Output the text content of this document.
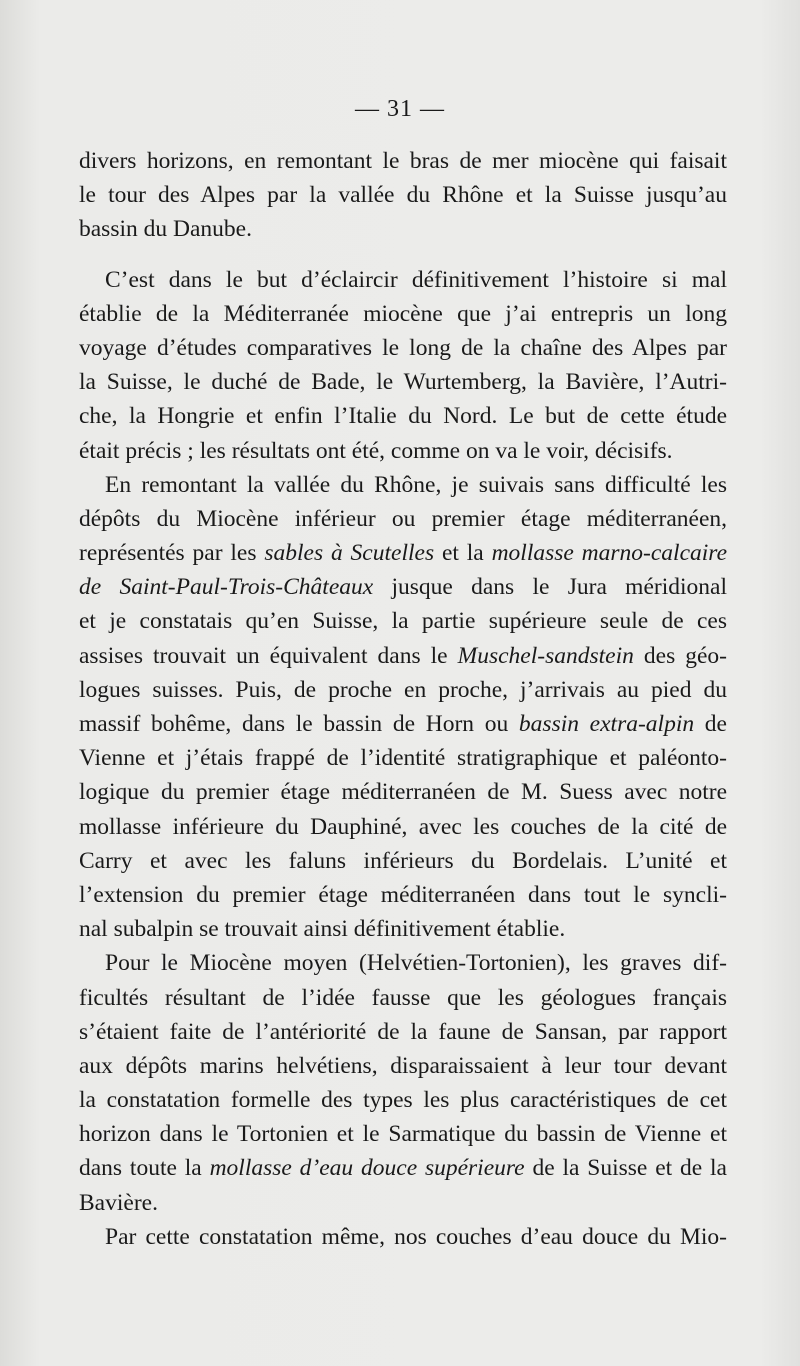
— 31 —
divers horizons, en remontant le bras de mer miocène qui faisait
le tour des Alpes par la vallée du Rhône et la Suisse jusqu’au
bassin du Danube.
C’est dans le but d’éclaircir définitivement l’histoire si mal
établie de la Méditerranée miocène que j’ai entrepris un long
voyage d’études comparatives le long de la chaîne des Alpes par
la Suisse, le duché de Bade, le Wurtemberg, la Bavière, l’Autri-
che, la Hongrie et enfin l’Italie du Nord. Le but de cette étude
était précis ; les résultats ont été, comme on va le voir, décisifs.
En remontant la vallée du Rhône, je suivais sans difficulté les
dépôts du Miocène inférieur ou premier étage méditerranéen,
représentés par les sables à Scutelles et la mollasse marno-calcaire
de Saint-Paul-Trois-Châteaux jusque dans le Jura méridional
et je constatais qu’en Suisse, la partie supérieure seule de ces
assises trouvait un équivalent dans le Muschel-sandstein des géo-
logues suisses. Puis, de proche en proche, j’arrivais au pied du
massif bohême, dans le bassin de Horn ou bassin extra-alpin de
Vienne et j’étais frappé de l’identité stratigraphique et paléonto-
logique du premier étage méditerranéen de M. Suess avec notre
mollasse inférieure du Dauphiné, avec les couches de la cité de
Carry et avec les faluns inférieurs du Bordelais. L’unité et
l’extension du premier étage méditerranéen dans tout le syncli-
nal subalpin se trouvait ainsi définitivement établie.
Pour le Miocène moyen (Helvétien-Tortonien), les graves dif-
ficultés résultant de l’idée fausse que les géologues français
s’étaient faite de l’antériorité de la faune de Sansan, par rapport
aux dépôts marins helvétiens, disparaissaient à leur tour devant
la constatation formelle des types les plus caractéristiques de cet
horizon dans le Tortonien et le Sarmatique du bassin de Vienne et
dans toute la mollasse d’eau douce supérieure de la Suisse et de la
Bavière.
Par cette constatation même, nos couches d’eau douce du Mio-
